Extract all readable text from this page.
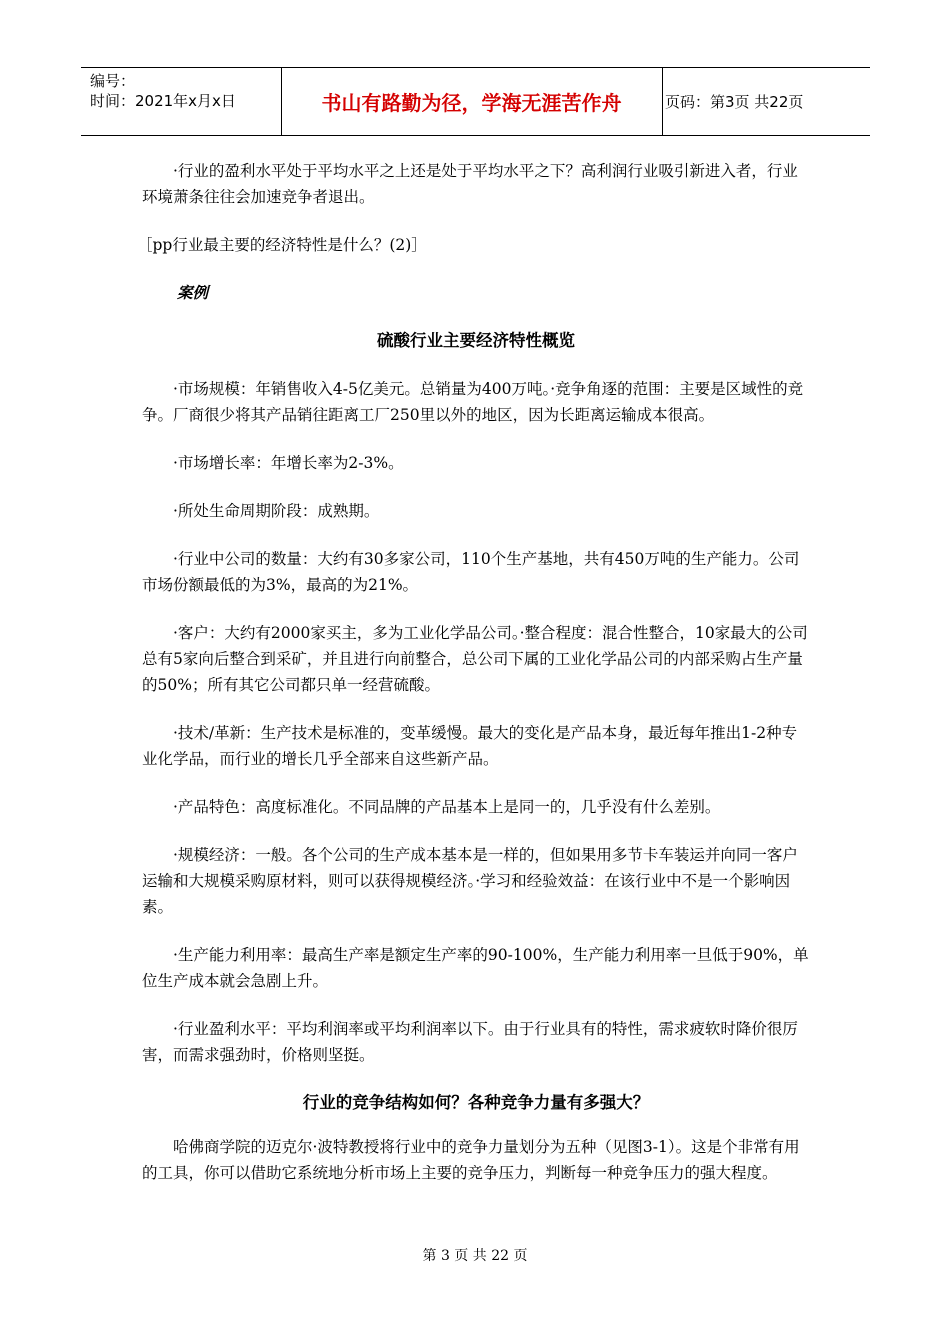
编号：
时间：2021年x月x日	书山有路勤为径，学海无涯苦作舟	页码：第3页 共22页

·行业的盈利水平处于平均水平之上还是处于平均水平之下？高利润行业吸引新进入者，行业环境萧条往往会加速竞争者退出。

［pp行业最主要的经济特性是什么？(2)］

案例

硫酸行业主要经济特性概览

·市场规模：年销售收入4-5亿美元。总销量为400万吨。·竞争角逐的范围：主要是区域性的竞争。厂商很少将其产品销往距离工厂250里以外的地区，因为长距离运输成本很高。

·市场增长率：年增长率为2-3%。

·所处生命周期阶段：成熟期。

·行业中公司的数量：大约有30多家公司，110个生产基地，共有450万吨的生产能力。公司市场份额最低的为3%，最高的为21%。

·客户：大约有2000家买主，多为工业化学品公司。·整合程度：混合性整合，10家最大的公司总有5家向后整合到采矿，并且进行向前整合，总公司下属的工业化学品公司的内部采购占生产量的50%；所有其它公司都只单一经营硫酸。

·技术/革新：生产技术是标准的，变革缓慢。最大的变化是产品本身，最近每年推出1-2种专业化学品，而行业的增长几乎全部来自这些新产品。

·产品特色：高度标准化。不同品牌的产品基本上是同一的，几乎没有什么差别。

·规模经济：一般。各个公司的生产成本基本是一样的，但如果用多节卡车装运并向同一客户运输和大规模采购原材料，则可以获得规模经济。·学习和经验效益：在该行业中不是一个影响因素。

·生产能力利用率：最高生产率是额定生产率的90-100%，生产能力利用率一旦低于90%，单位生产成本就会急剧上升。

·行业盈利水平：平均利润率或平均利润率以下。由于行业具有的特性，需求疲软时降价很厉害，而需求强劲时，价格则坚挺。

行业的竞争结构如何？各种竞争力量有多强大？

哈佛商学院的迈克尔·波特教授将行业中的竞争力量划分为五种（见图3-1）。这是个非常有用的工具，你可以借助它系统地分析市场上主要的竞争压力，判断每一种竞争压力的强大程度。

第 3 页 共 22 页
